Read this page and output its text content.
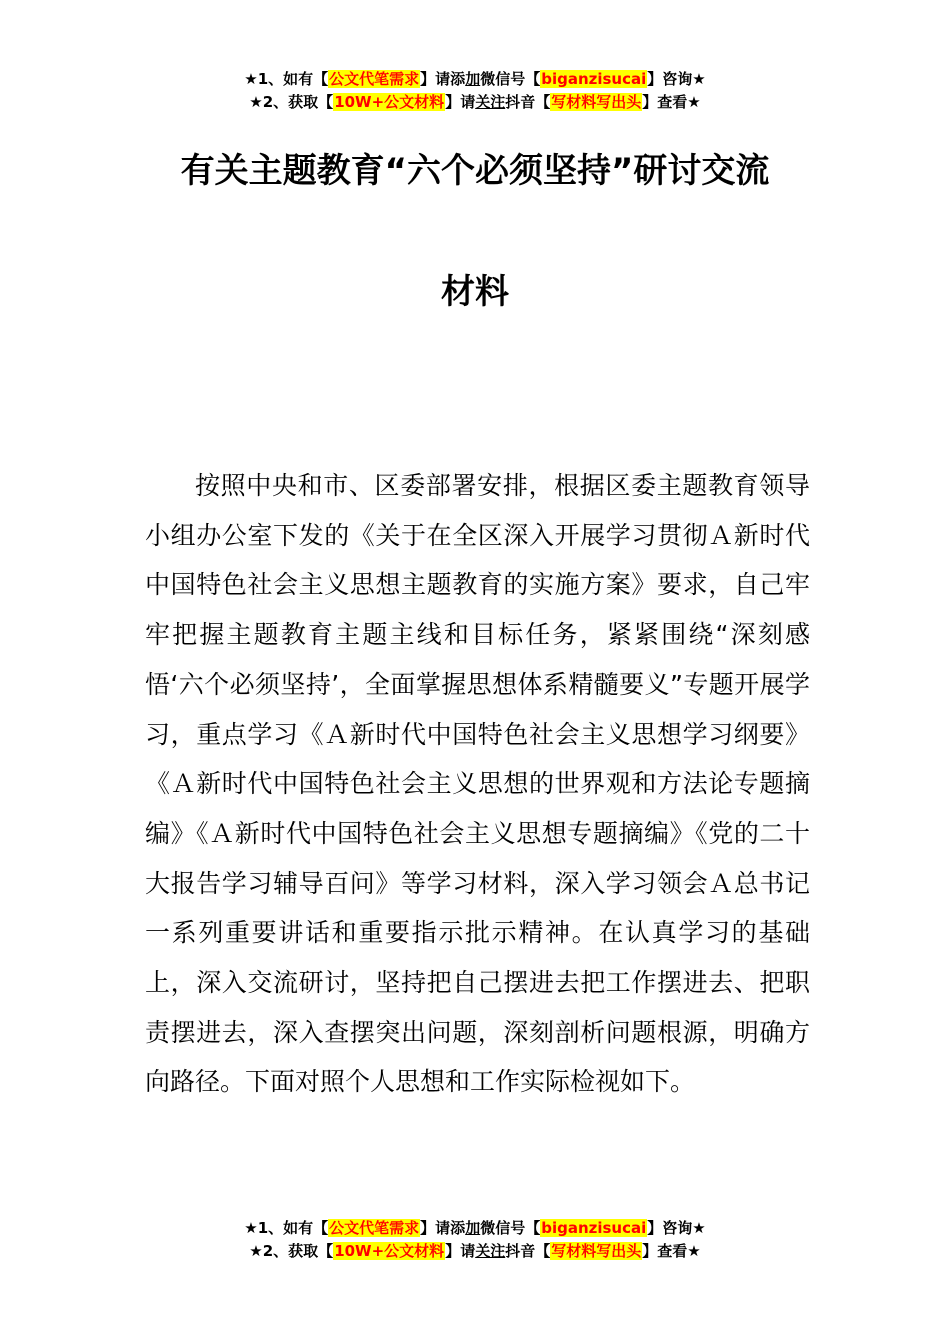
★1、如有【公文代笔需求】请添加微信号【biganzisucai】咨询★
★2、获取【10W+公文材料】请关注抖音【写材料写出头】查看★
有关主题教育“六个必须坚持”研讨交流
材料

按照中央和市、区委部署安排，根据区委主题教育领导小组办公室下发的《关于在全区深入开展学习贯彻Ａ新时代中国特色社会主义思想主题教育的实施方案》要求，自己牢牢把握主题教育主题主线和目标任务，紧紧围绕“深刻感悟‘六个必须坚持’，全面掌握思想体系精髓要义”专题开展学习，重点学习《Ａ新时代中国特色社会主义思想学习纲要》《Ａ新时代中国特色社会主义思想的世界观和方法论专题摘编》《Ａ新时代中国特色社会主义思想专题摘编》《党的二十大报告学习辅导百问》等学习材料，深入学习领会Ａ总书记一系列重要讲话和重要指示批示精神。在认真学习的基础上，深入交流研讨，坚持把自己摆进去把工作摆进去、把职责摆进去，深入查摆突出问题，深刻剖析问题根源，明确方向路径。下面对照个人思想和工作实际检视如下。

★1、如有【公文代笔需求】请添加微信号【biganzisucai】咨询★
★2、获取【10W+公文材料】请关注抖音【写材料写出头】查看★
